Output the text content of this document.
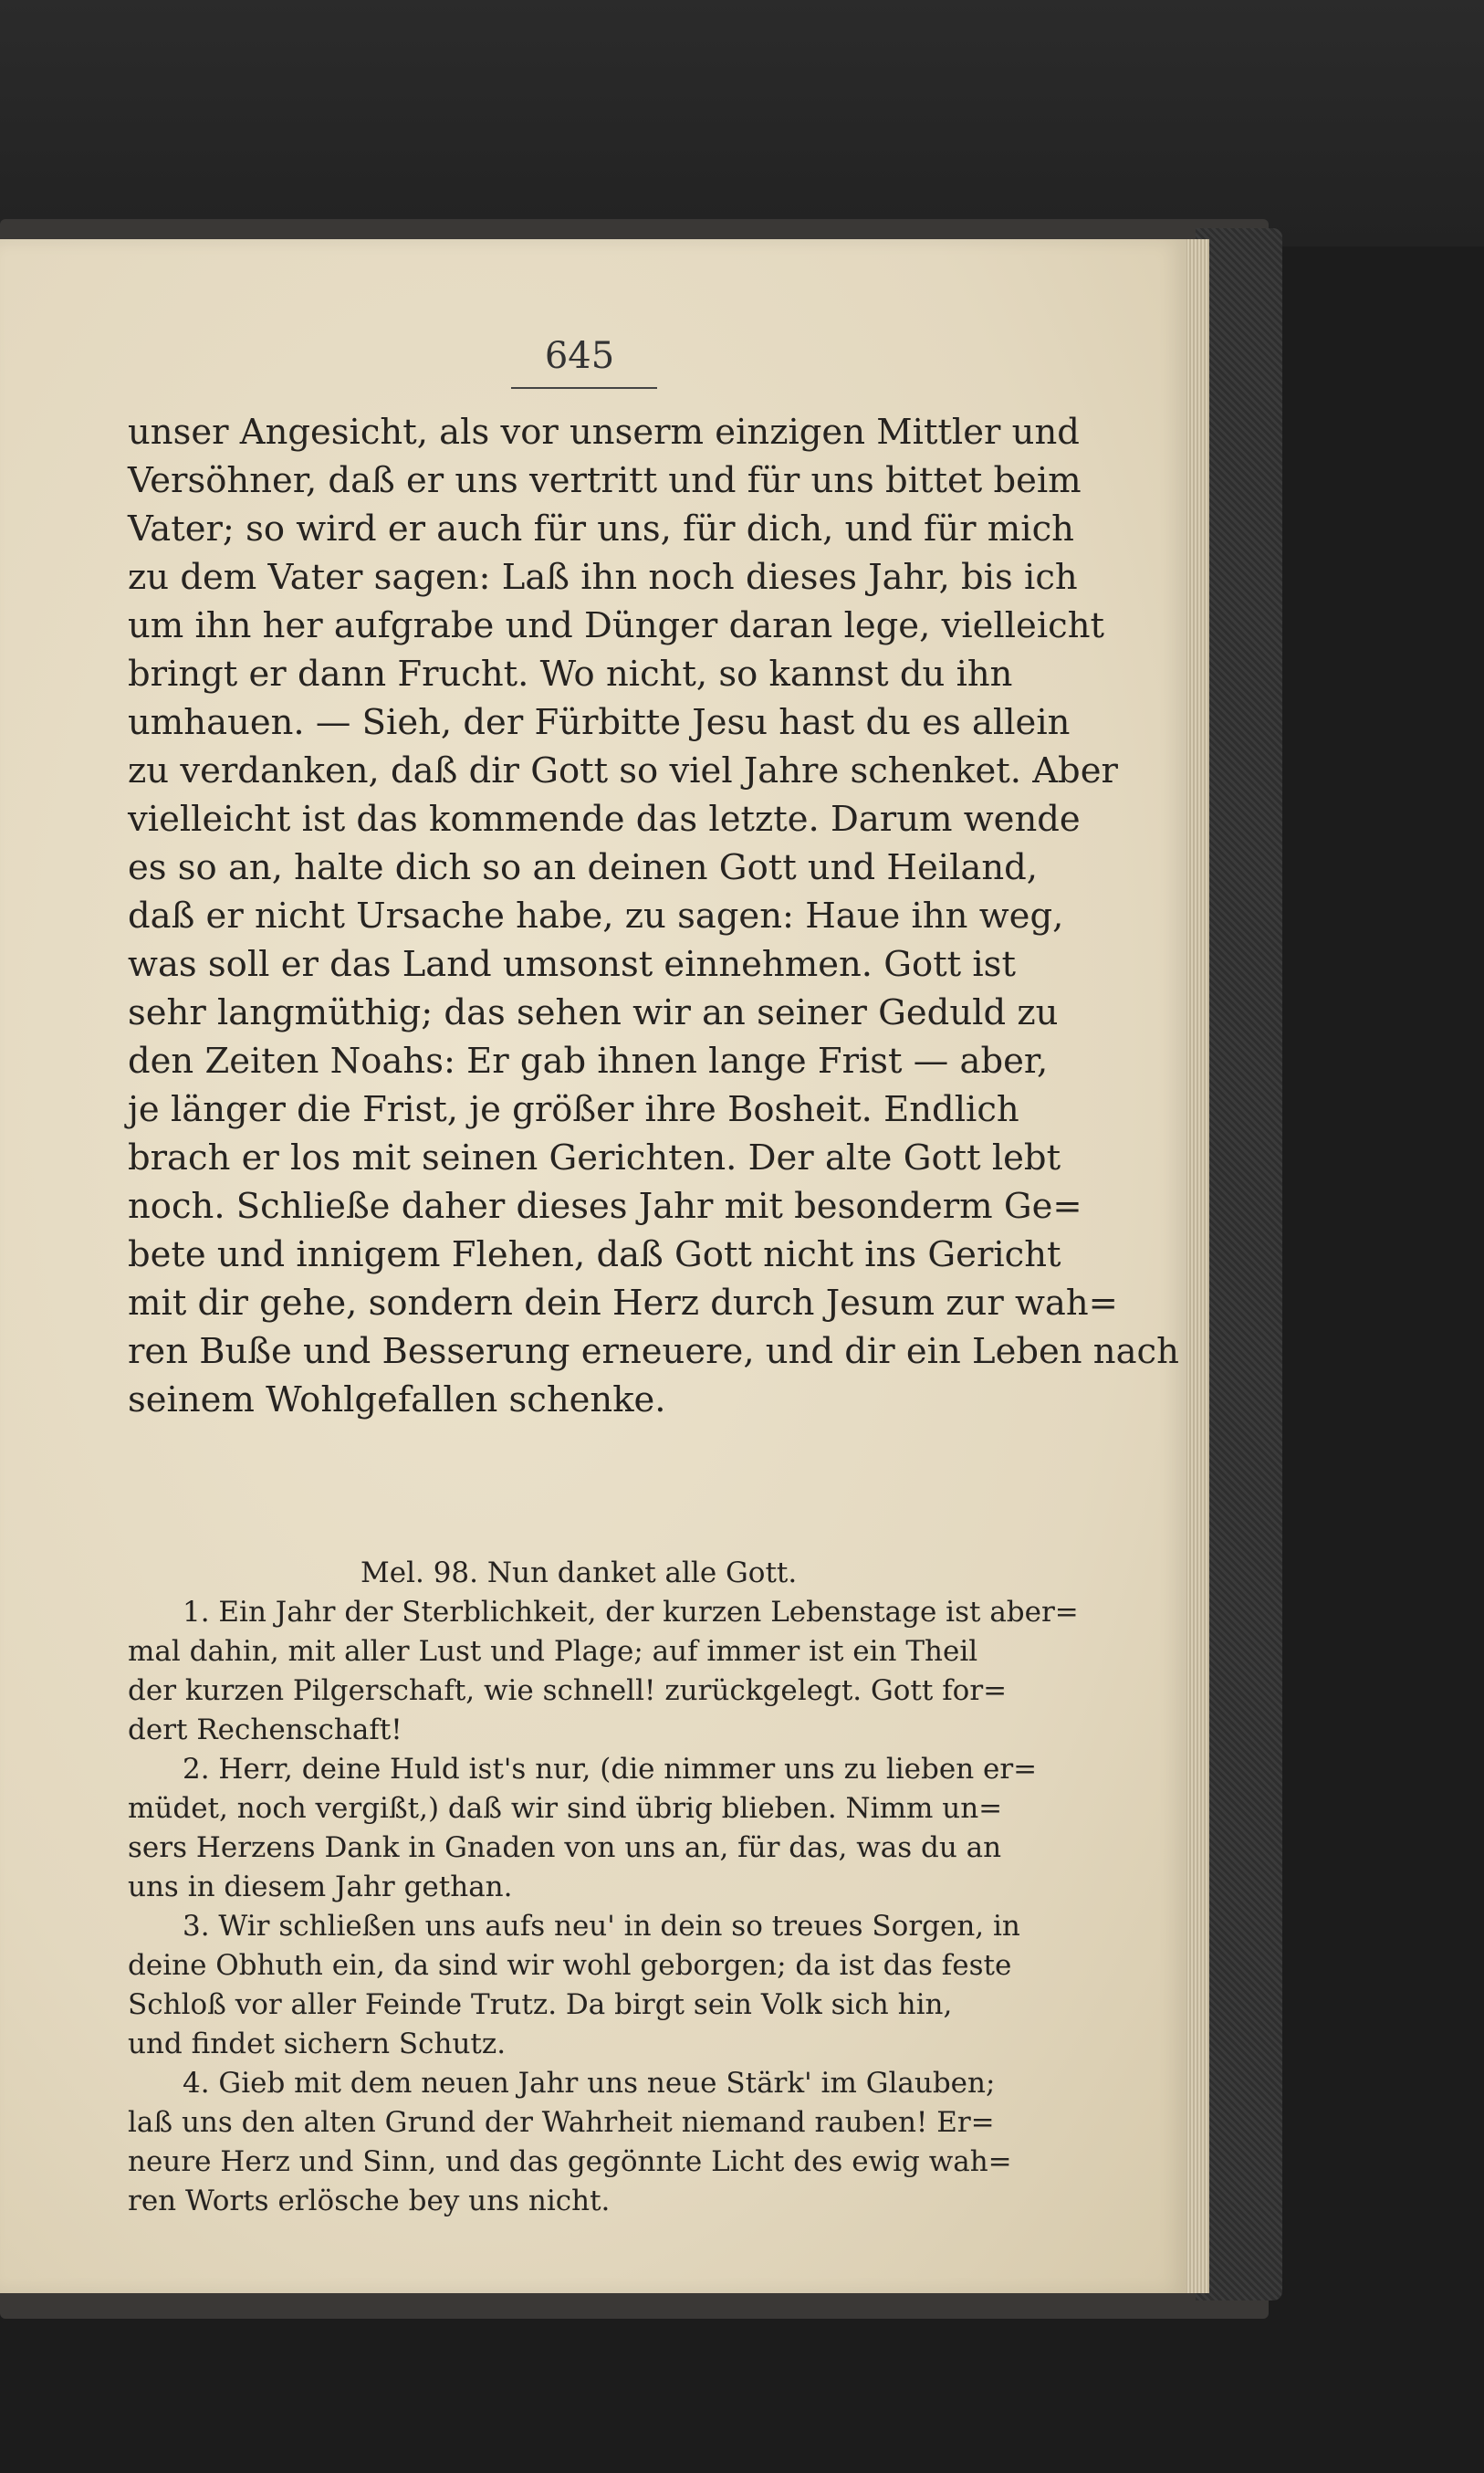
645
unser Angesicht, als vor unserm einzigen Mittler und
Versöhner, daß er uns vertritt und für uns bittet beim
Vater; so wird er auch für uns, für dich, und für mich
zu dem Vater sagen: Laß ihn noch dieses Jahr, bis ich
um ihn her aufgrabe und Dünger daran lege, vielleicht
bringt er dann Frucht. Wo nicht, so kannst du ihn
umhauen. — Sieh, der Fürbitte Jesu hast du es allein
zu verdanken, daß dir Gott so viel Jahre schenket. Aber
vielleicht ist das kommende das letzte. Darum wende
es so an, halte dich so an deinen Gott und Heiland,
daß er nicht Ursache habe, zu sagen: Haue ihn weg,
was soll er das Land umsonst einnehmen. Gott ist
sehr langmüthig; das sehen wir an seiner Geduld zu
den Zeiten Noahs: Er gab ihnen lange Frist — aber,
je länger die Frist, je größer ihre Bosheit. Endlich
brach er los mit seinen Gerichten. Der alte Gott lebt
noch. Schließe daher dieses Jahr mit besonderm Ge=
bete und innigem Flehen, daß Gott nicht ins Gericht
mit dir gehe, sondern dein Herz durch Jesum zur wah=
ren Buße und Besserung erneuere, und dir ein Leben nach
seinem Wohlgefallen schenke.
Mel. 98. Nun danket alle Gott.
1. Ein Jahr der Sterblichkeit, der kurzen Lebenstage ist aber=
mal dahin, mit aller Lust und Plage; auf immer ist ein Theil
der kurzen Pilgerschaft, wie schnell! zurückgelegt. Gott for=
dert Rechenschaft!
2. Herr, deine Huld ist's nur, (die nimmer uns zu lieben er=
müdet, noch vergißt,) daß wir sind übrig blieben. Nimm un=
sers Herzens Dank in Gnaden von uns an, für das, was du an
uns in diesem Jahr gethan.
3. Wir schließen uns aufs neu' in dein so treues Sorgen, in
deine Obhuth ein, da sind wir wohl geborgen; da ist das feste
Schloß vor aller Feinde Trutz. Da birgt sein Volk sich hin,
und findet sichern Schutz.
4. Gieb mit dem neuen Jahr uns neue Stärk' im Glauben;
laß uns den alten Grund der Wahrheit niemand rauben! Er=
neure Herz und Sinn, und das gegönnte Licht des ewig wah=
ren Worts erlösche bey uns nicht.
